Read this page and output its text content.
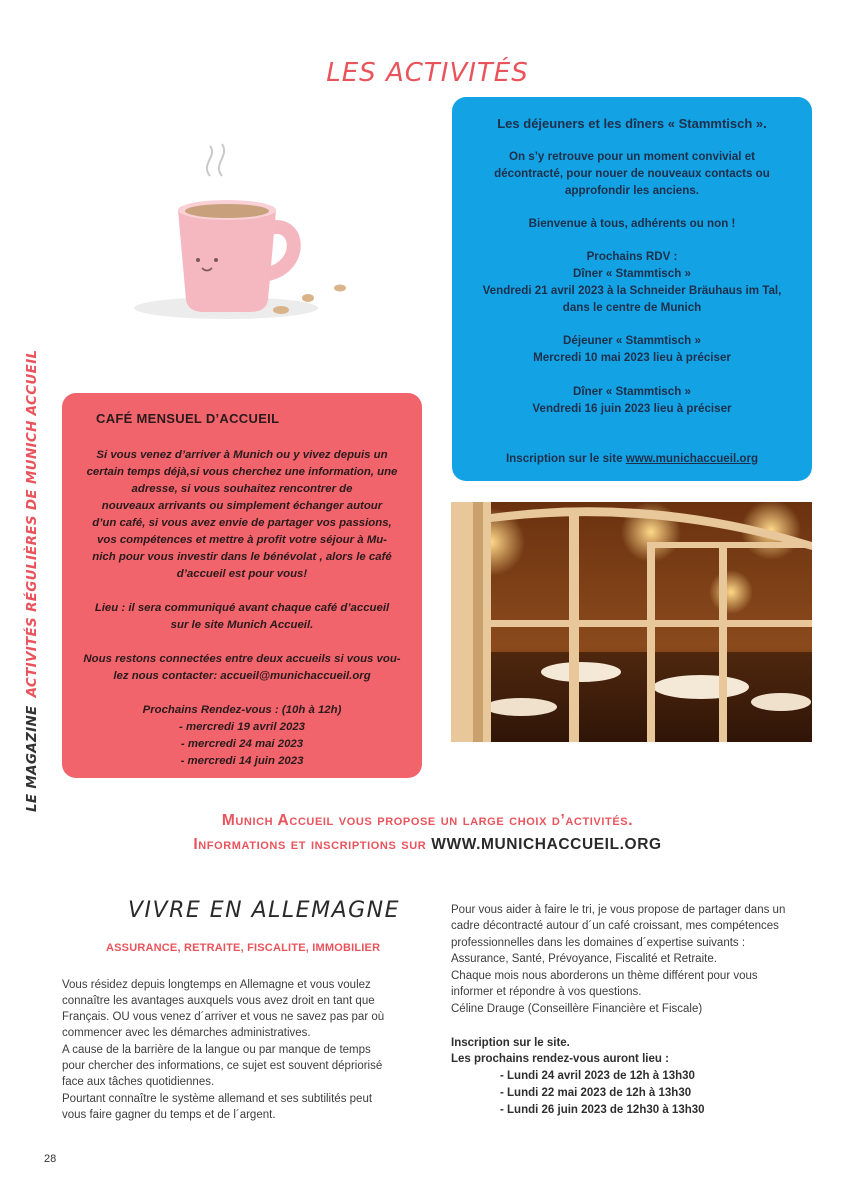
LES ACTIVITÉS
LE MAGAZINEACTIVITÉS RÉGULIÈRES DE MUNICH ACCUEIL
Les déjeuners et les dîners « Stammtisch ».
On s’y retrouve pour un moment convivial et
décontracté, pour nouer de nouveaux contacts ou
approfondir les anciens.
Bienvenue à tous, adhérents ou non !
Prochains RDV :
Dîner « Stammtisch »
Vendredi 21 avril 2023 à la Schneider Bräuhaus im Tal,
dans le centre de Munich
Déjeuner « Stammtisch »
Mercredi 10 mai 2023 lieu à préciser
Dîner « Stammtisch »
Vendredi 16 juin 2023 lieu à préciser
Inscription sur le site www.munichaccueil.org
CAFÉ MENSUEL D’ACCUEIL
Si vous venez d’arriver à Munich ou y vivez depuis un
certain temps déjà,si vous cherchez une information, une
adresse, si vous souhaitez rencontrer de
nouveaux arrivants ou simplement échanger autour
d’un café, si vous avez envie de partager vos passions,
vos compétences et mettre à profit votre séjour à Mu-
nich pour vous investir dans le bénévolat , alors le café
d’accueil est pour vous!
Lieu : il sera communiqué avant chaque café d’accueil
sur le site Munich Accueil.
Nous restons connectées entre deux accueils si vous vou-
lez nous contacter: accueil@munichaccueil.org
Prochains Rendez-vous : (10h à 12h)
- mercredi 19 avril 2023
- mercredi 24 mai 2023
- mercredi 14 juin 2023
Munich Accueil vous propose un large choix d’activités.
Informations et inscriptions sur WWW.MUNICHACCUEIL.ORG
VIVRE EN ALLEMAGNE
ASSURANCE, RETRAITE, FISCALITE, IMMOBILIER
Vous résidez depuis longtemps en Allemagne et vous voulez
connaître les avantages auxquels vous avez droit en tant que
Français. OU vous venez d´arriver et vous ne savez pas par où
commencer avec les démarches administratives.
A cause de la barrière de la langue ou par manque de temps
pour chercher des informations, ce sujet est souvent dépriorisé
face aux tâches quotidiennes.
Pourtant connaître le système allemand et ses subtilités peut
vous faire gagner du temps et de l´argent.
Pour vous aider à faire le tri, je vous propose de partager dans un
cadre décontracté autour d´un café croissant, mes compétences
professionnelles dans les domaines d´expertise suivants :
Assurance, Santé, Prévoyance, Fiscalité et Retraite.
Chaque mois nous aborderons un thème différent pour vous
informer et répondre à vos questions.
Céline Drauge (Conseillère Financière et Fiscale)
Inscription sur le site.
Les prochains rendez-vous auront lieu :
- Lundi 24 avril 2023 de 12h à 13h30
- Lundi 22 mai 2023 de 12h à 13h30
- Lundi 26 juin 2023 de 12h30 à 13h30
28
